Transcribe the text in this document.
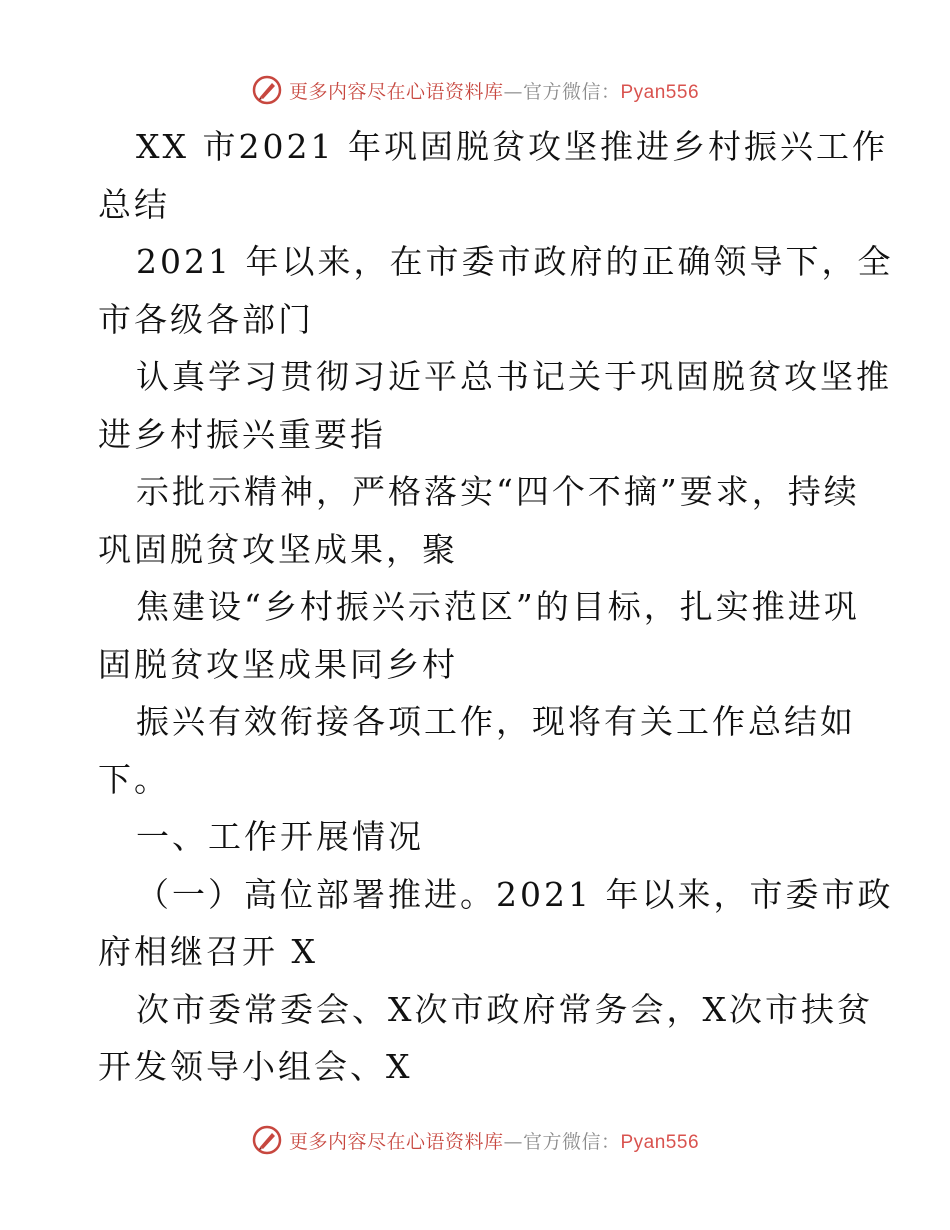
更多内容尽在心语资料库—官方微信：Pyan556
XX 市2021 年巩固脱贫攻坚推进乡村振兴工作
总结
2021 年以来，在市委市政府的正确领导下，全
市各级各部门
认真学习贯彻习近平总书记关于巩固脱贫攻坚推
进乡村振兴重要指
示批示精神，严格落实“四个不摘”要求，持续
巩固脱贫攻坚成果，聚
焦建设“乡村振兴示范区”的目标，扎实推进巩
固脱贫攻坚成果同乡村
振兴有效衔接各项工作，现将有关工作总结如
下。
一、工作开展情况
（一）高位部署推进。2021 年以来，市委市政
府相继召开 X
次市委常委会、X次市政府常务会，X次市扶贫
开发领导小组会、X
更多内容尽在心语资料库—官方微信：Pyan556
